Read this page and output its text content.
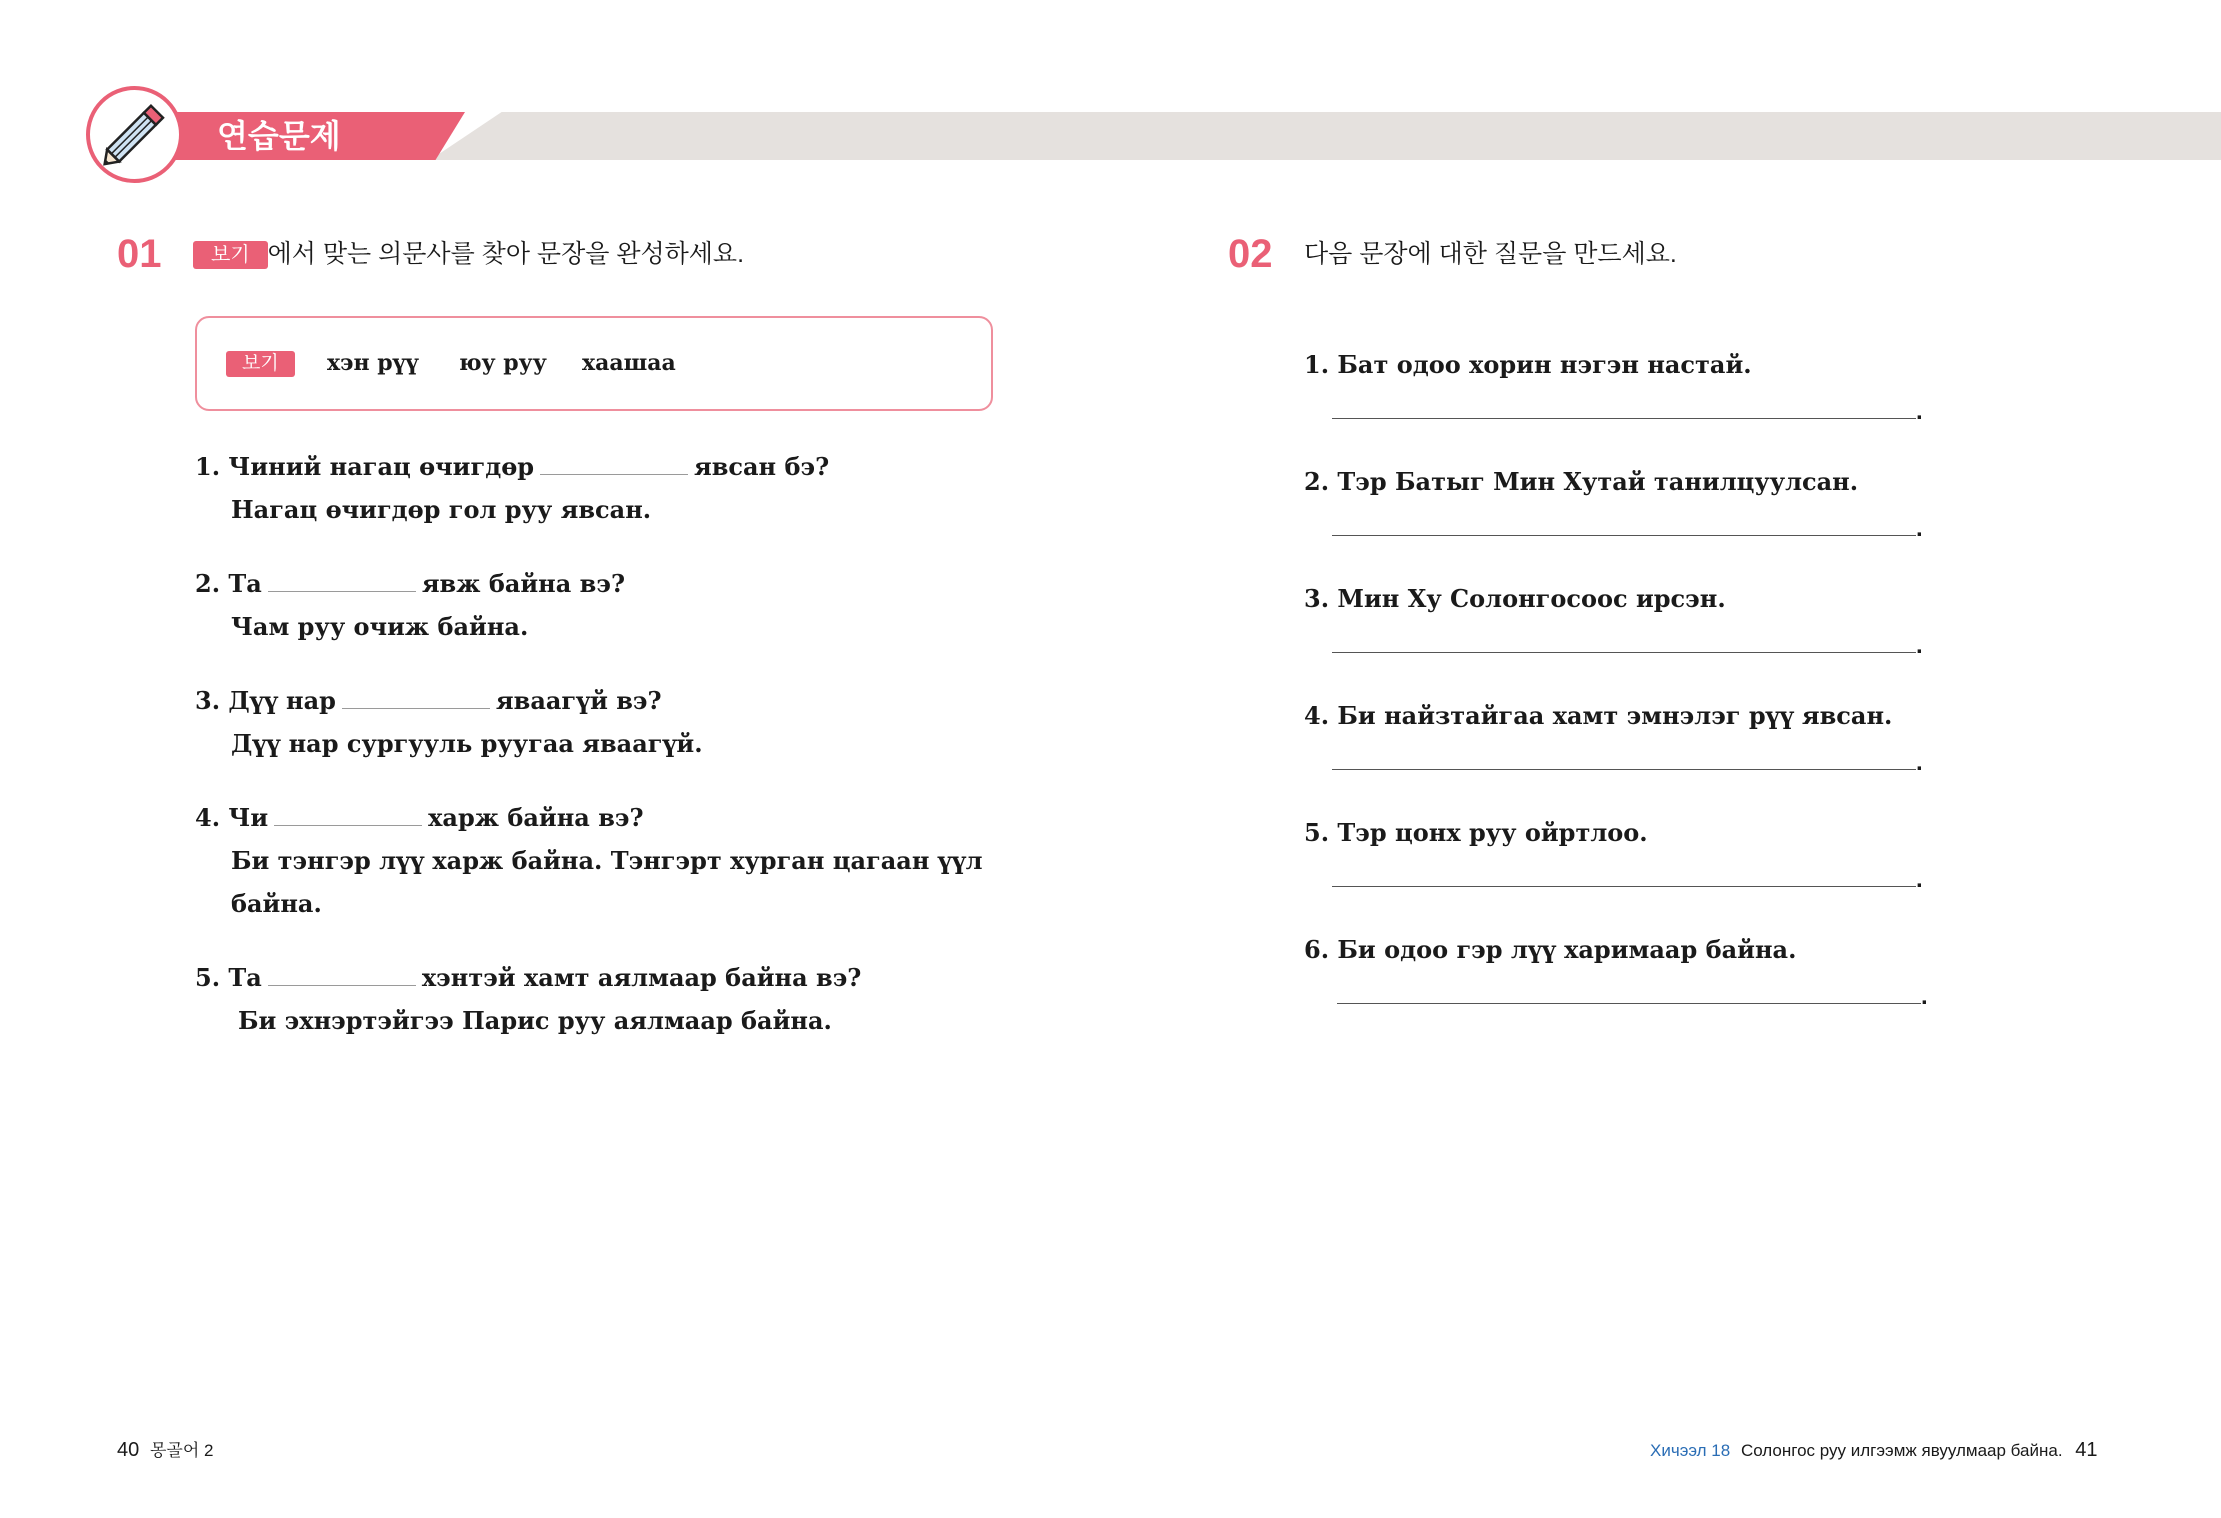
연습문제
01	보기 에서 맞는 의문사를 찾아 문장을 완성하세요.
보기	хэн рүү юу руу хаашаа
1. Чиний нагац өчигдөр	явсан бэ?
Нагац өчигдөр гол руу явсан.
2. Та	явж байна вэ?
Чам руу очиж байна.
3. Дүү нар	яваагүй вэ?
Дүү нар сургууль руугаа яваагүй.
4. Чи	харж байна вэ?
Би тэнгэр лүү харж байна. Тэнгэрт хурган цагаан үүл
байна.
5. Та	хэнтэй хамт аялмаар байна вэ?
Би эхнэртэйгээ Парис руу аялмаар байна.
02 다음 문장에 대한 질문을 만드세요.
1. Бат одоо хорин нэгэн настай.
.
2. Тэр Батыг Мин Хутай танилцуулсан.
.
3. Мин Ху Солонгосоос ирсэн.
.
4. Би найзтайгаа хамт эмнэлэг рүү явсан.
.
5. Тэр цонх руу ойртлоо.
.
6. Би одоо гэр лүү харимаар байна.
.
40 몽골어 2	Хичээл 18 Солонгос руу илгээмж явуулмаар байна. 41
